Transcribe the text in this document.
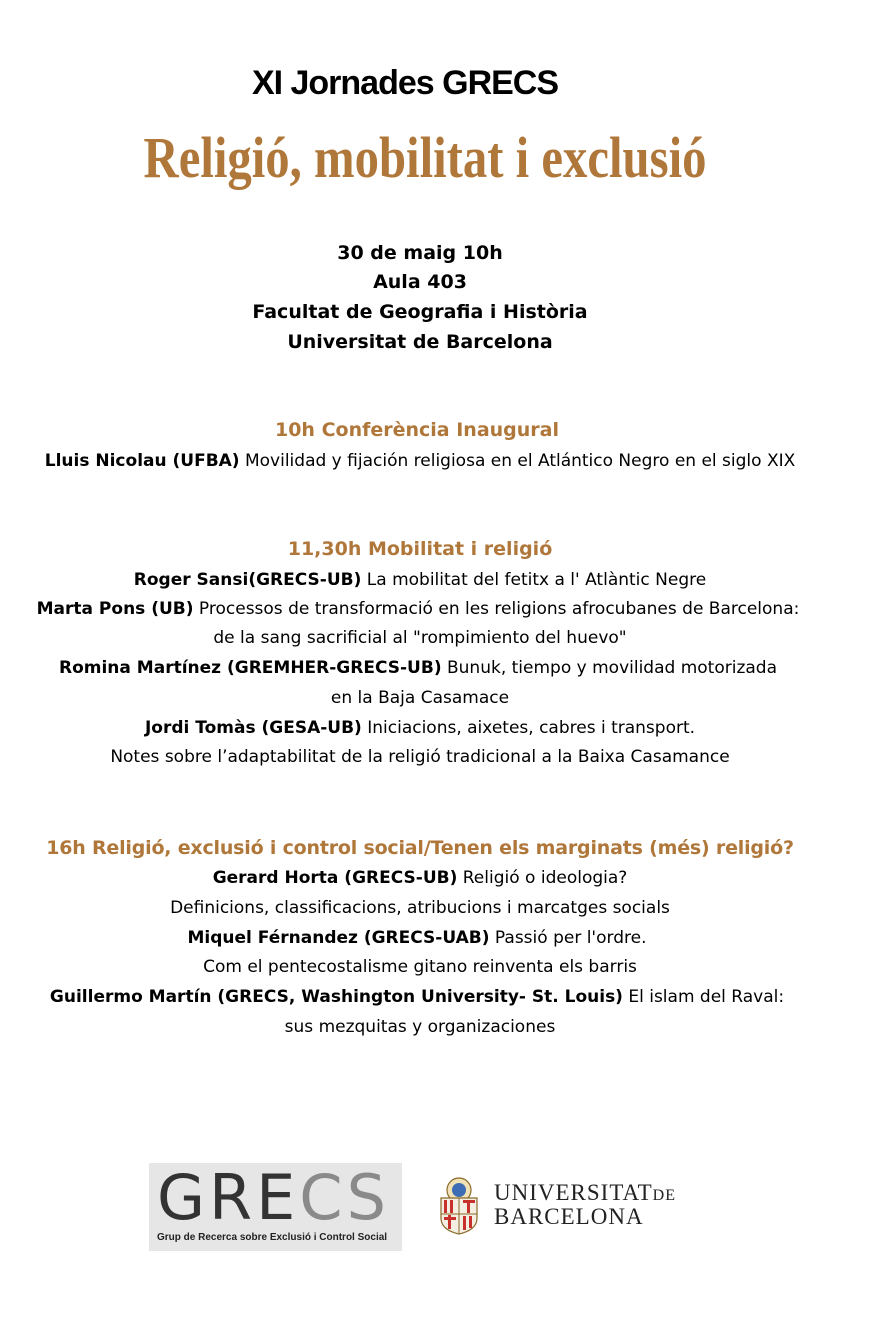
XI Jornades GRECS
Religió, mobilitat i exclusió
30 de maig 10h
Aula 403
Facultat de Geografia i Història
Universitat de Barcelona
10h Conferència Inaugural
Lluis Nicolau (UFBA) Movilidad y fijación religiosa en el Atlántico Negro en el siglo XIX
11,30h Mobilitat i religió
Roger Sansi(GRECS-UB) La mobilitat del fetitx a l' Atlàntic Negre
Marta Pons (UB) Processos de transformació en les religions afrocubanes de Barcelona:
de la sang sacrificial al "rompimiento del huevo"
Romina Martínez (GREMHER-GRECS-UB) Bunuk, tiempo y movilidad motorizada
en la Baja Casamace
Jordi Tomàs (GESA-UB) Iniciacions, aixetes, cabres i transport.
Notes sobre l’adaptabilitat de la religió tradicional a la Baixa Casamance
16h Religió, exclusió i control social/Tenen els marginats (més) religió?
Gerard Horta (GRECS-UB) Religió o ideologia?
Definicions, classificacions, atribucions i marcatges socials
Miquel Férnandez (GRECS-UAB) Passió per l'ordre.
Com el pentecostalisme gitano reinventa els barris
Guillermo Martín (GRECS, Washington University- St. Louis) El islam del Raval:
sus mezquitas y organizaciones
GRECS
Grup de Recerca sobre Exclusió i Control Social
UNIVERSITATDE
BARCELONA
